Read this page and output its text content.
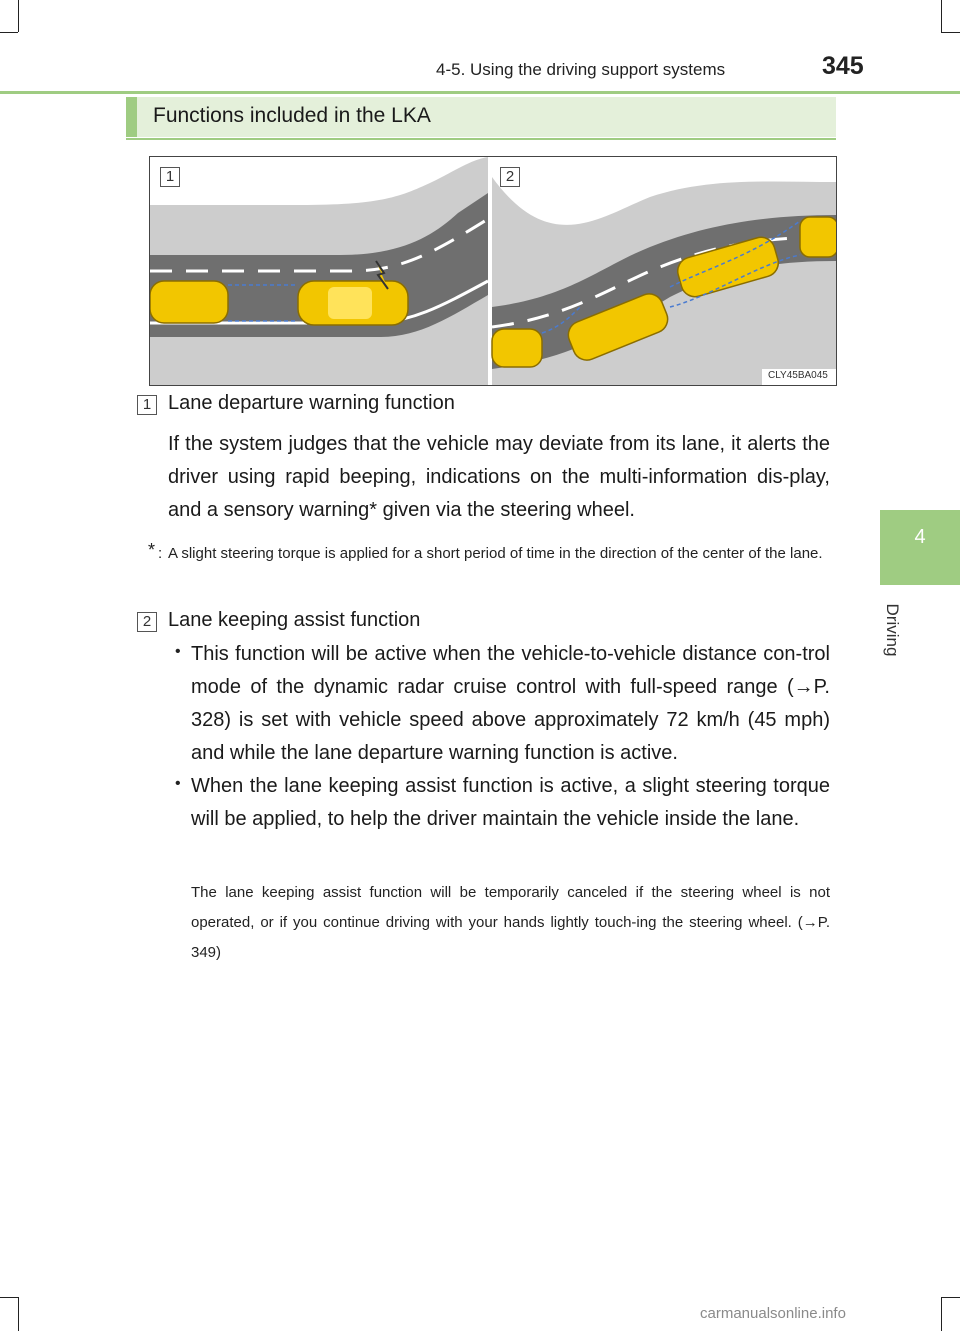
4-5. Using the driving support systems	345
4
Driving
Functions included in the LKA
1	2
CLY45BA045
1 Lane departure warning function

If the system judges that the vehicle may deviate from its lane, it alerts the driver using rapid beeping, indications on the multi-information dis-play, and a sensory warning* given via the steering wheel.

* : A slight steering torque is applied for a short period of time in the direction of the center of the lane.
2 Lane keeping assist function
• This function will be active when the vehicle-to-vehicle distance con-trol mode of the dynamic radar cruise control with full-speed range (→P. 328) is set with vehicle speed above approximately 72 km/h (45 mph) and while the lane departure warning function is active.

• When the lane keeping assist function is active, a slight steering torque will be applied, to help the driver maintain the vehicle inside the lane.

The lane keeping assist function will be temporarily canceled if the steering wheel is not operated, or if you continue driving with your hands lightly touch-ing the steering wheel. (→P. 349)

carmanualsonline.info
